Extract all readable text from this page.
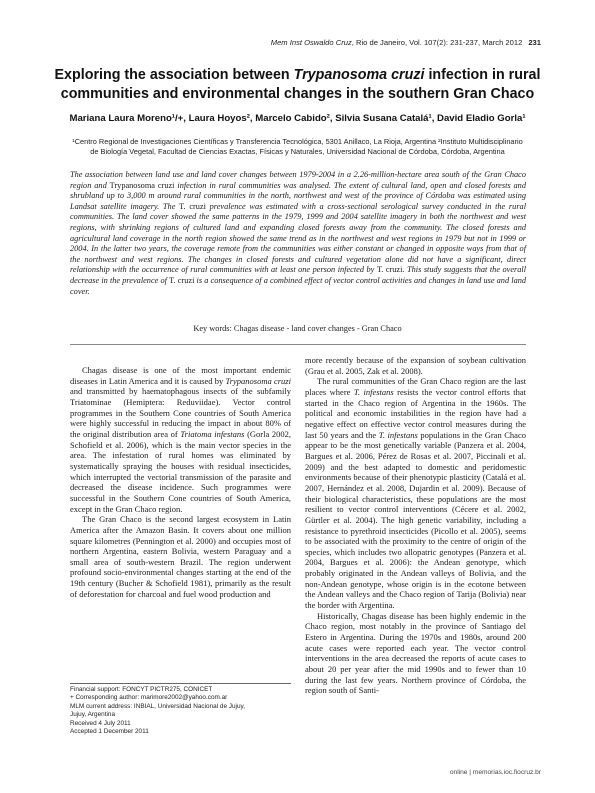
Mem Inst Oswaldo Cruz, Rio de Janeiro, Vol. 107(2): 231-237, March 2012 231
Exploring the association between Trypanosoma cruzi infection in rural
communities and environmental changes in the southern Gran Chaco
Mariana Laura Moreno¹/+, Laura Hoyos², Marcelo Cabido², Silvia Susana Catalá¹, David Eladio Gorla¹
¹Centro Regional de Investigaciones Científicas y Transferencia Tecnológica, 5301 Anillaco, La Rioja, Argentina ²Instituto Multidisciplinario
de Biología Vegetal, Facultad de Ciencias Exactas, Físicas y Naturales, Universidad Nacional de Córdoba, Córdoba, Argentina
The association between land use and land cover changes between 1979-2004 in a 2.26-million-hectare area south of the Gran Chaco region and Trypanosoma cruzi infection in rural communities was analysed. The extent of cultural land, open and closed forests and shrubland up to 3,000 m around rural communities in the north, northwest and west of the province of Córdoba was estimated using Landsat satellite imagery. The T. cruzi prevalence was estimated with a cross-sectional serological survey conducted in the rural communities. The land cover showed the same patterns in the 1979, 1999 and 2004 satellite imagery in both the northwest and west regions, with shrinking regions of cultured land and expanding closed forests away from the community. The closed forests and agricultural land coverage in the north region showed the same trend as in the northwest and west regions in 1979 but not in 1999 or 2004. In the latter two years, the coverage remote from the communities was either constant or changed in opposite ways from that of the northwest and west regions. The changes in closed forests and cultured vegetation alone did not have a significant, direct relationship with the occurrence of rural communities with at least one person infected by T. cruzi. This study suggests that the overall decrease in the prevalence of T. cruzi is a consequence of a combined effect of vector control activities and changes in land use and land cover.
Key words: Chagas disease - land cover changes - Gran Chaco

Chagas disease is one of the most important endemic diseases in Latin America and it is caused by Trypanosoma cruzi and transmitted by haematophagous insects of the subfamily Triatominae (Hemiptera: Reduviidae). Vector control programmes in the Southern Cone countries of South America were highly successful in reducing the impact in about 80% of the original distribution area of Triatoma infestans (Gorla 2002, Schofield et al. 2006), which is the main vector species in the area. The infestation of rural homes was eliminated by systematically spraying the houses with residual insecticides, which interrupted the vectorial transmission of the parasite and decreased the disease incidence. Such programmes were successful in the Southern Cone countries of South America, except in the Gran Chaco region.

The Gran Chaco is the second largest ecosystem in Latin America after the Amazon Basin. It covers about one million square kilometres (Pennington et al. 2000) and occupies most of northern Argentina, eastern Bolivia, western Paraguay and a small area of south-western Brazil. The region underwent profound socio-environmental changes starting at the end of the 19th century (Bucher & Schofield 1981), primarily as the result of deforestation for charcoal and fuel wood production and

more recently because of the expansion of soybean cultivation (Grau et al. 2005, Zak et al. 2008).

The rural communities of the Gran Chaco region are the last places where T. infestans resists the vector control efforts that started in the Chaco region of Argentina in the 1960s. The political and economic instabilities in the region have had a negative effect on effective vector control measures during the last 50 years and the T. infestans populations in the Gran Chaco appear to be the most genetically variable (Panzera et al. 2004, Bargues et al. 2006, Pérez de Rosas et al. 2007, Piccinali et al. 2009) and the best adapted to domestic and peridomestic environments because of their phenotypic plasticity (Catalá et al. 2007, Hernández et al. 2008, Dujardin et al. 2009). Because of their biological characteristics, these populations are the most resilient to vector control interventions (Cécere et al. 2002, Gürtler et al. 2004). The high genetic variability, including a resistance to pyrethroid insecticides (Picollo et al. 2005), seems to be associated with the proximity to the centre of origin of the species, which includes two allopatric genotypes (Panzera et al. 2004, Bargues et al. 2006): the Andean genotype, which probably originated in the Andean valleys of Bolivia, and the non-Andean genotype, whose origin is in the ecotone between the Andean valleys and the Chaco region of Tarija (Bolivia) near the border with Argentina.

Historically, Chagas disease has been highly endemic in the Chaco region, most notably in the province of Santiago del Estero in Argentina. During the 1970s and 1980s, around 200 acute cases were reported each year. The vector control interventions in the area decreased the reports of acute cases to about 20 per year after the mid 1990s and to fewer than 10 during the last few years. Northern province of Córdoba, the region south of Santi-

Financial support: FONCYT PICTR275, CONICET
+ Corresponding author: marimore2002@yahoo.com.ar
MLM current address: INBIAL, Universidad Nacional de Jujuy,
Jujuy, Argentina
Received 4 July 2011
Accepted 1 December 2011
online | memorias.ioc.fiocruz.br
